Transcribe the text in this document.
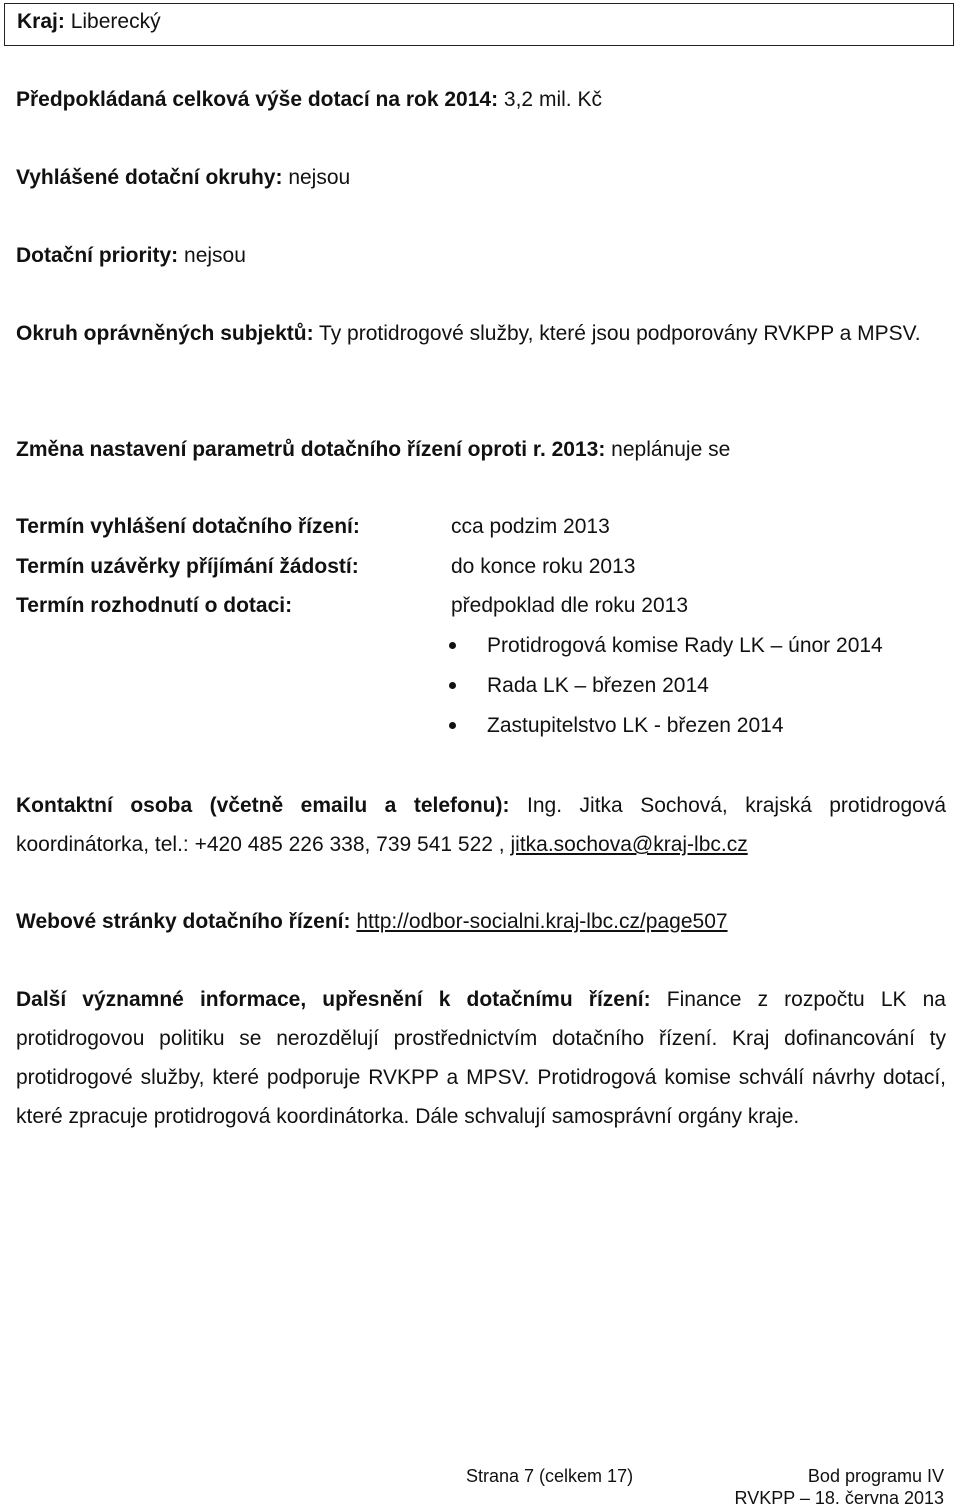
Kraj: Liberecký
Předpokládaná celková výše dotací na rok 2014: 3,2 mil. Kč
Vyhlášené dotační okruhy: nejsou
Dotační priority: nejsou
Okruh oprávněných subjektů: Ty protidrogové služby, které jsou podporovány RVKPP a MPSV.
Změna nastavení parametrů dotačního řízení oproti r. 2013: neplánuje se
Termín vyhlášení dotačního řízení:	cca podzim 2013
Termín uzávěrky příjímání žádostí:	do konce roku 2013
Termín rozhodnutí o dotaci:	předpoklad dle roku 2013
Protidrogová komise Rady LK – únor 2014
Rada LK – březen 2014
Zastupitelstvo LK - březen 2014
Kontaktní osoba (včetně emailu a telefonu): Ing. Jitka Sochová, krajská protidrogová koordinátorka, tel.: +420 485 226 338, 739 541 522 , jitka.sochova@kraj-lbc.cz
Webové stránky dotačního řízení: http://odbor-socialni.kraj-lbc.cz/page507
Další významné informace, upřesnění k dotačnímu řízení: Finance z rozpočtu LK na protidrogovou politiku se nerozdělují prostřednictvím dotačního řízení. Kraj dofinancování ty protidrogové služby, které podporuje RVKPP a MPSV. Protidrogová komise schválí návrhy dotací, které zpracuje protidrogová koordinátorka. Dále schvalují samosprávní orgány kraje.
Strana 7 (celkem 17)	Bod programu IV
RVKPP – 18. června 2013
